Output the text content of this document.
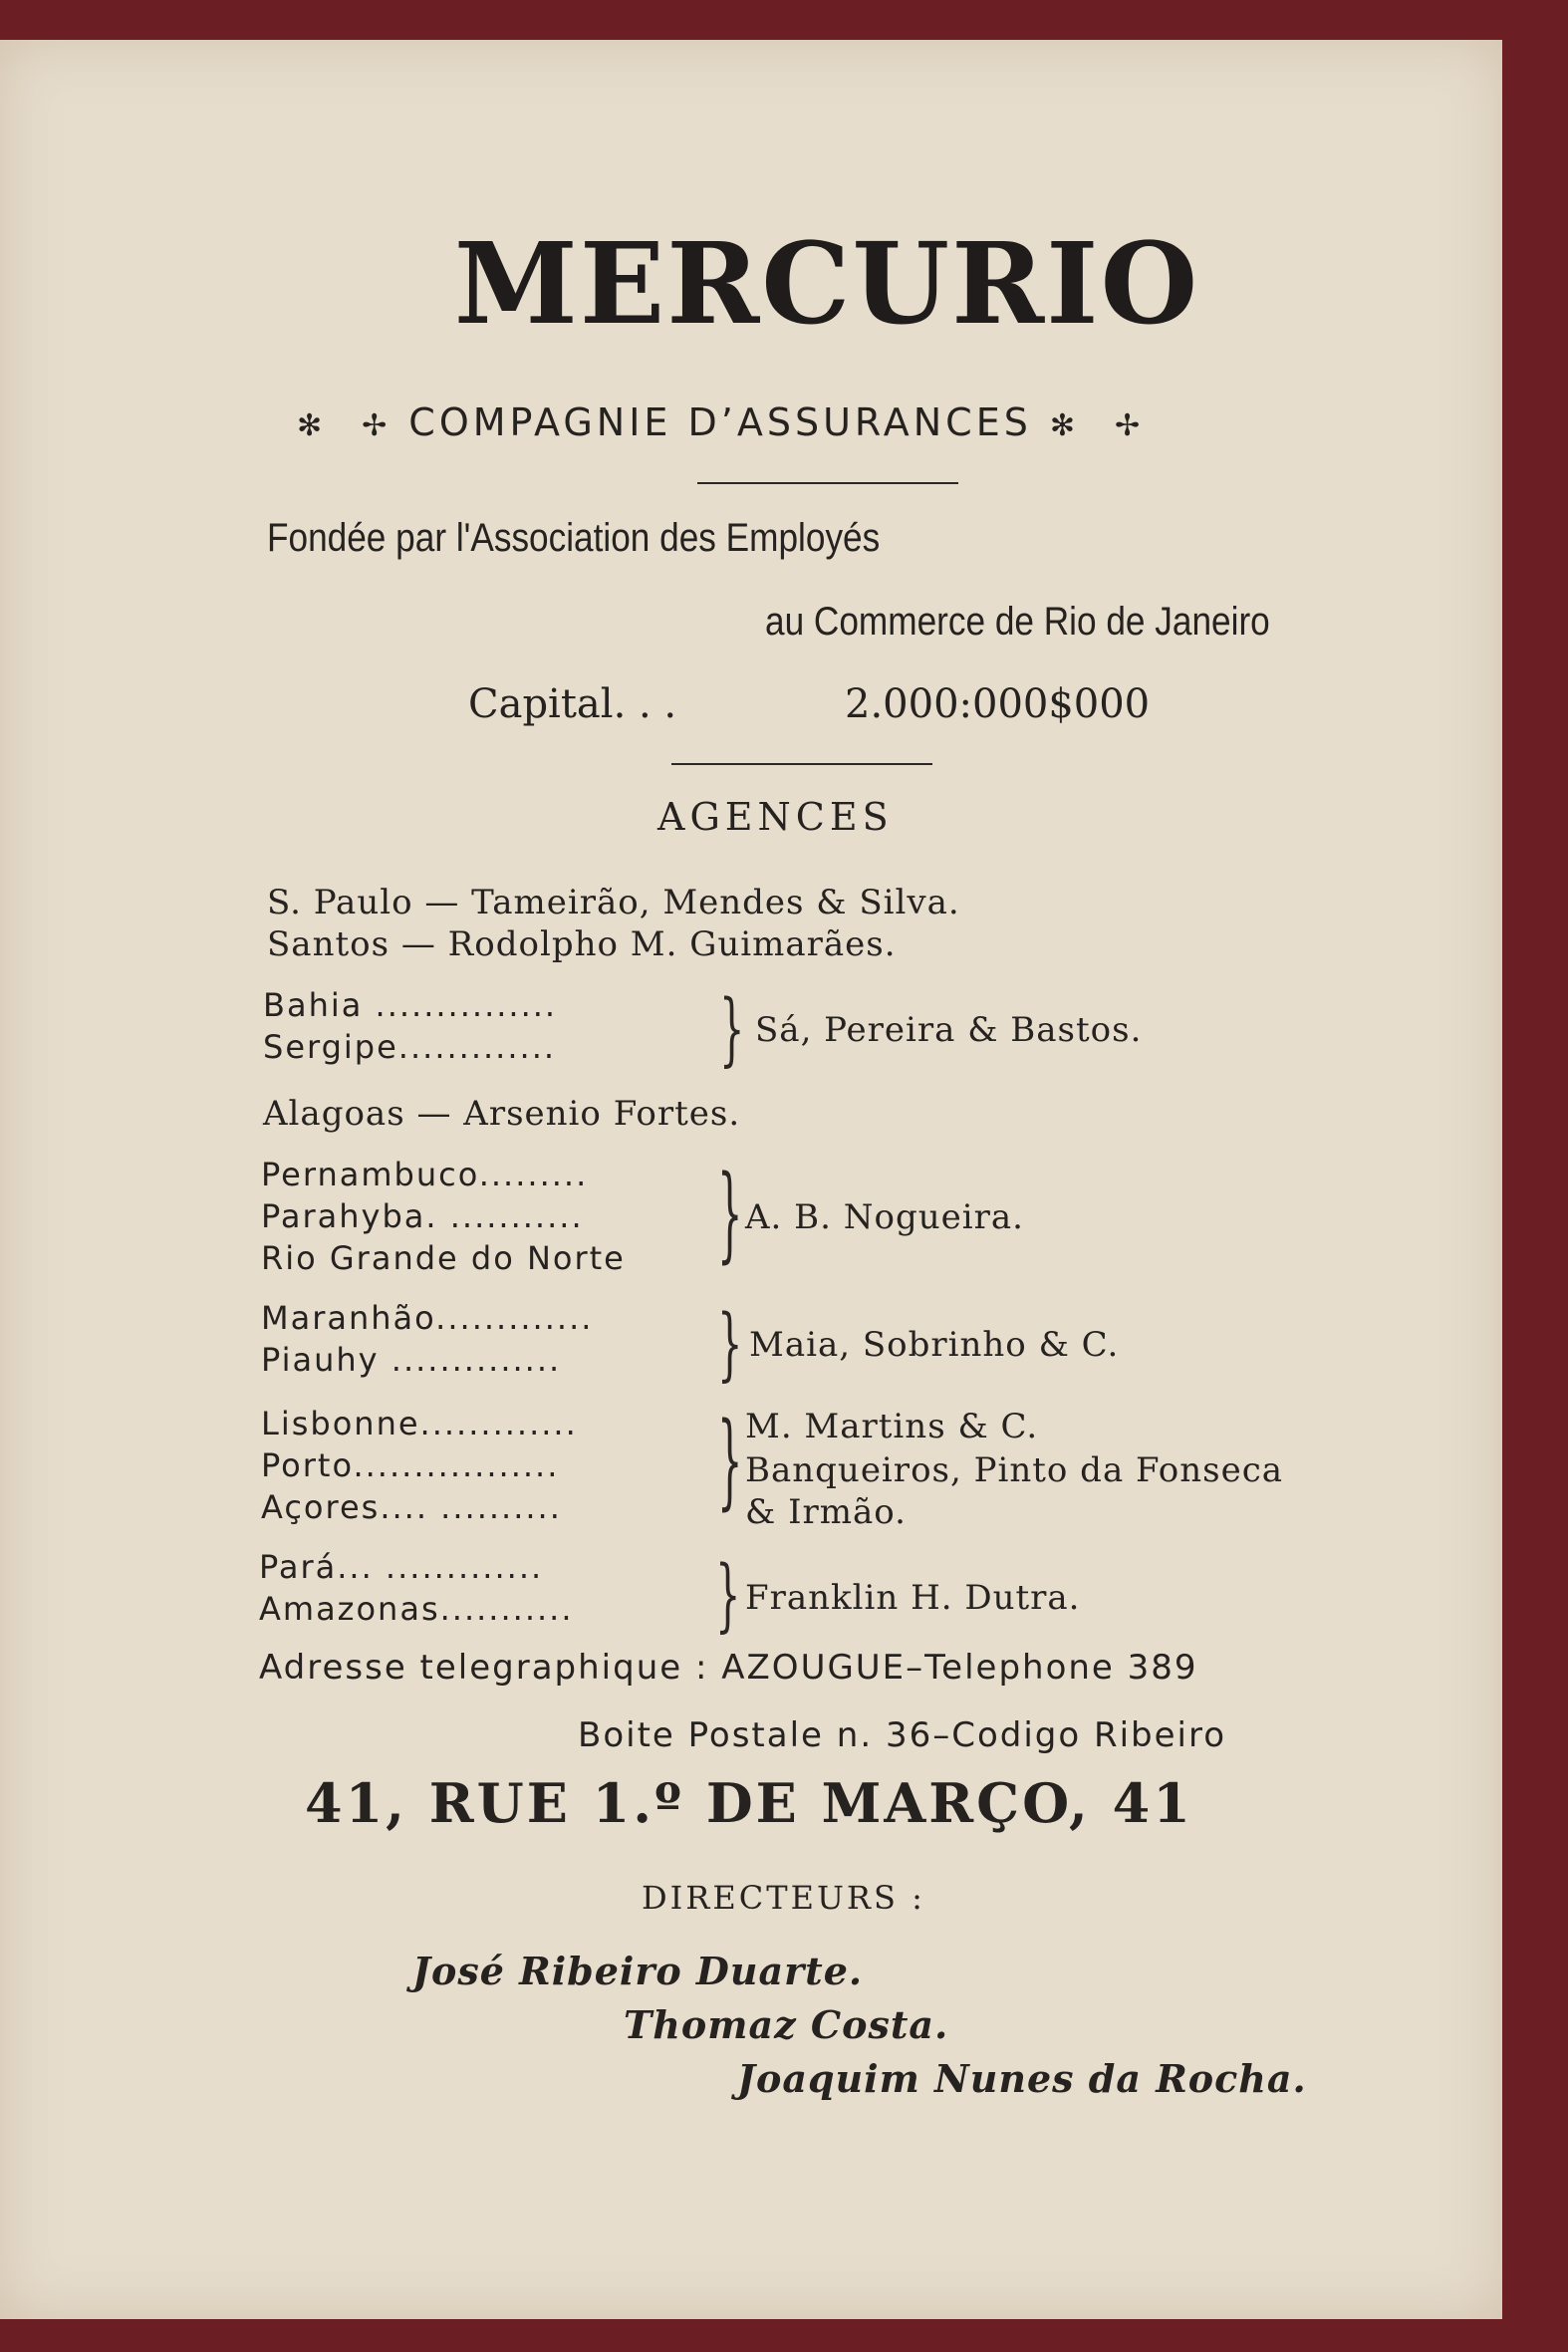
MERCURIO
✻ ✢ COMPAGNIE D’ASSURANCES ✻ ✢
Fondée par l'Association des Employés
au Commerce de Rio de Janeiro
Capital. . .	2.000:000$000
AGENCES
S. Paulo — Tameirão, Mendes & Silva.
Santos — Rodolpho M. Guimarães.
Bahia ...............
Sergipe.............	} Sá, Pereira & Bastos.
Alagoas — Arsenio Fortes.
Pernambuco.........
Parahyba. ...........
Rio Grande do Norte } A. B. Nogueira.
Maranhão.............
Piauhy ..............	} Maia, Sobrinho & C.
Lisbonne.............
Porto.................
Açores.... ..........	} M. Martins & C.
Banqueiros, Pinto da Fonseca
& Irmão.
Pará... .............
Amazonas...........	} Franklin H. Dutra.
Adresse telegraphique : AZOUGUE–Telephone 389
Boite Postale n. 36–Codigo Ribeiro
41, RUE 1.º DE MARÇO, 41
DIRECTEURS :
José Ribeiro Duarte.
Thomaz Costa.
Joaquim Nunes da Rocha.
